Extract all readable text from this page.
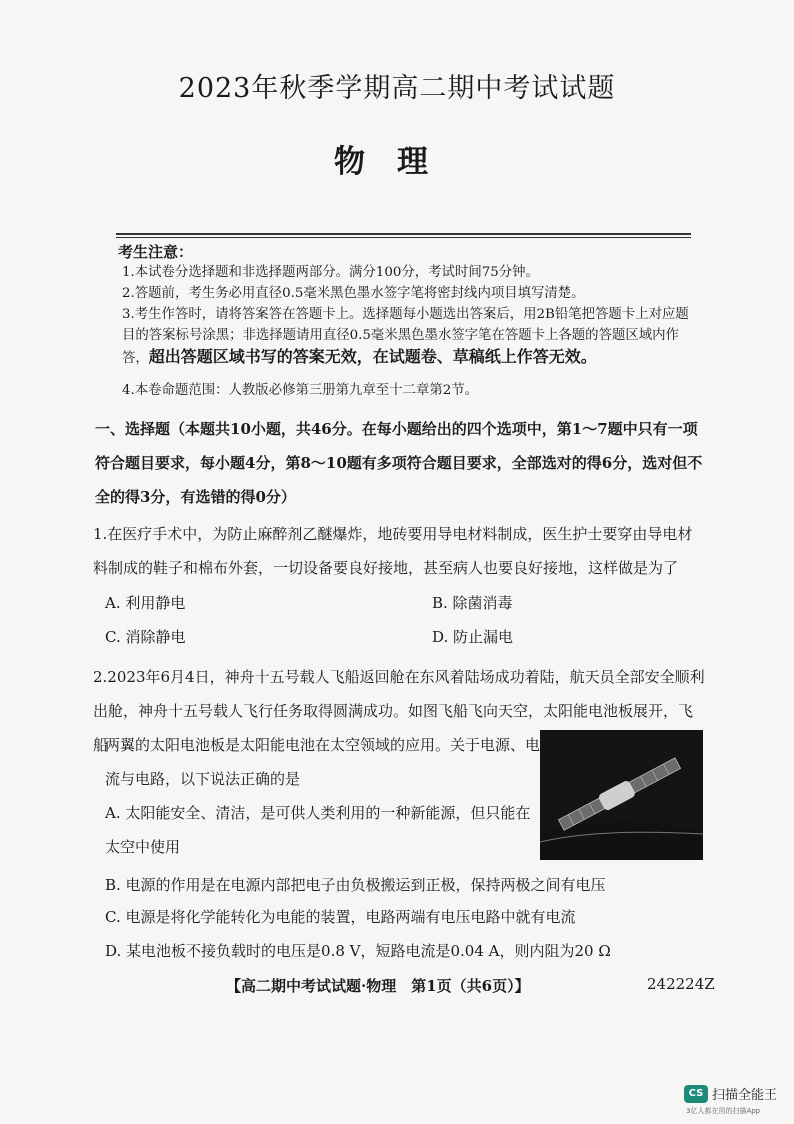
2023年秋季学期高二期中考试试题
物理
考生注意：
1.本试卷分选择题和非选择题两部分。满分100分，考试时间75分钟。
2.答题前，考生务必用直径0.5毫米黑色墨水签字笔将密封线内项目填写清楚。
3.考生作答时，请将答案答在答题卡上。选择题每小题选出答案后，用2B铅笔把答题卡上对应题目的答案标号涂黑；非选择题请用直径0.5毫米黑色墨水签字笔在答题卡上各题的答题区域内作答，超出答题区域书写的答案无效，在试题卷、草稿纸上作答无效。
4.本卷命题范围：人教版必修第三册第九章至十二章第2节。
一、选择题（本题共10小题，共46分。在每小题给出的四个选项中，第1～7题中只有一项符合题目要求，每小题4分，第8～10题有多项符合题目要求，全部选对的得6分，选对但不全的得3分，有选错的得0分）
1.在医疗手术中，为防止麻醉剂乙醚爆炸，地砖要用导电材料制成，医生护士要穿由导电材料制成的鞋子和棉布外套，一切设备要良好接地，甚至病人也要良好接地，这样做是为了
A. 利用静电	B. 除菌消毒
C. 消除静电	D. 防止漏电
2.2023年6月4日，神舟十五号载人飞船返回舱在东风着陆场成功着陆，航天员全部安全顺利出舱，神舟十五号载人飞行任务取得圆满成功。如图飞船飞向天空，太阳能电池板展开，飞船
两翼的太阳电池板是太阳能电池在太空领域的应用。关于电源、电
流与电路，以下说法正确的是
A. 太阳能安全、清洁，是可供人类利用的一种新能源，但只能在太空中使用
B. 电源的作用是在电源内部把电子由负极搬运到正极，保持两极之间有电压
C. 电源是将化学能转化为电能的装置，电路两端有电压电路中就有电流
D. 某电池板不接负载时的电压是0.8 V，短路电流是0.04 A，则内阻为20 Ω
【高二期中考试试题·物理　第1页（共6页）】	242224Z
CS 扫描全能王
3亿人都在用的扫描App
